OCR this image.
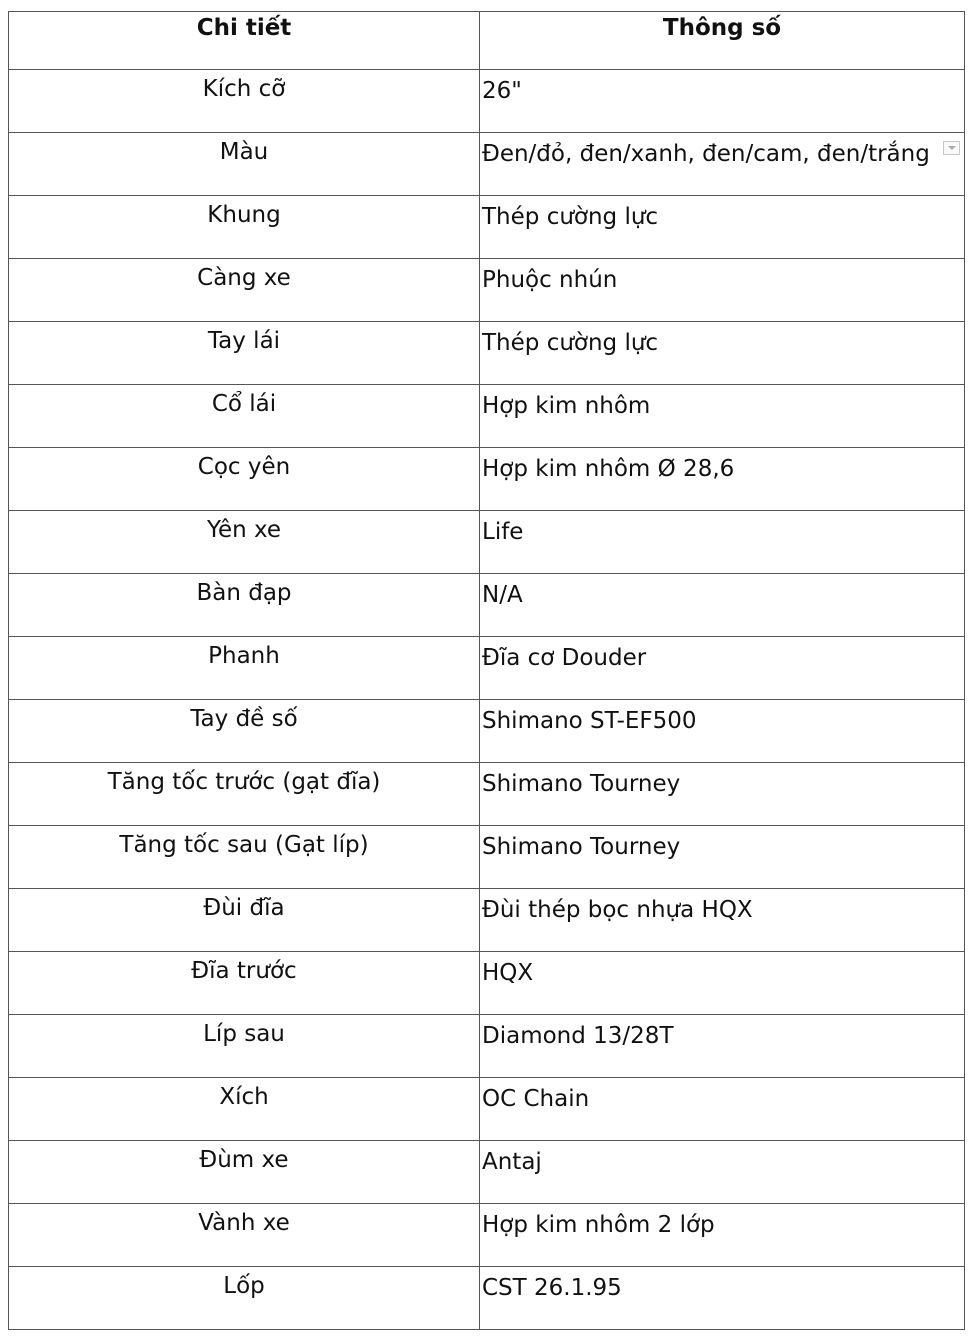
Chi tiết	Thông số
Kích cỡ	26"
Màu	Đen/đỏ, đen/xanh, đen/cam, đen/trắng

Khung	Thép cường lực
Càng xe	Phuộc nhún
Tay lái	Thép cường lực
Cổ lái	Hợp kim nhôm
Cọc yên	Hợp kim nhôm Ø 28,6
Yên xe	Life
Bàn đạp	N/A
Phanh	Đĩa cơ Douder
Tay đề số	Shimano ST-EF500
Tăng tốc trước (gạt đĩa)	Shimano Tourney
Tăng tốc sau (Gạt líp)	Shimano Tourney
Đùi đĩa	Đùi thép bọc nhựa HQX
Đĩa trước	HQX
Líp sau	Diamond 13/28T
Xích	OC Chain
Đùm xe	Antaj
Vành xe	Hợp kim nhôm 2 lớp
Lốp	CST 26.1.95
